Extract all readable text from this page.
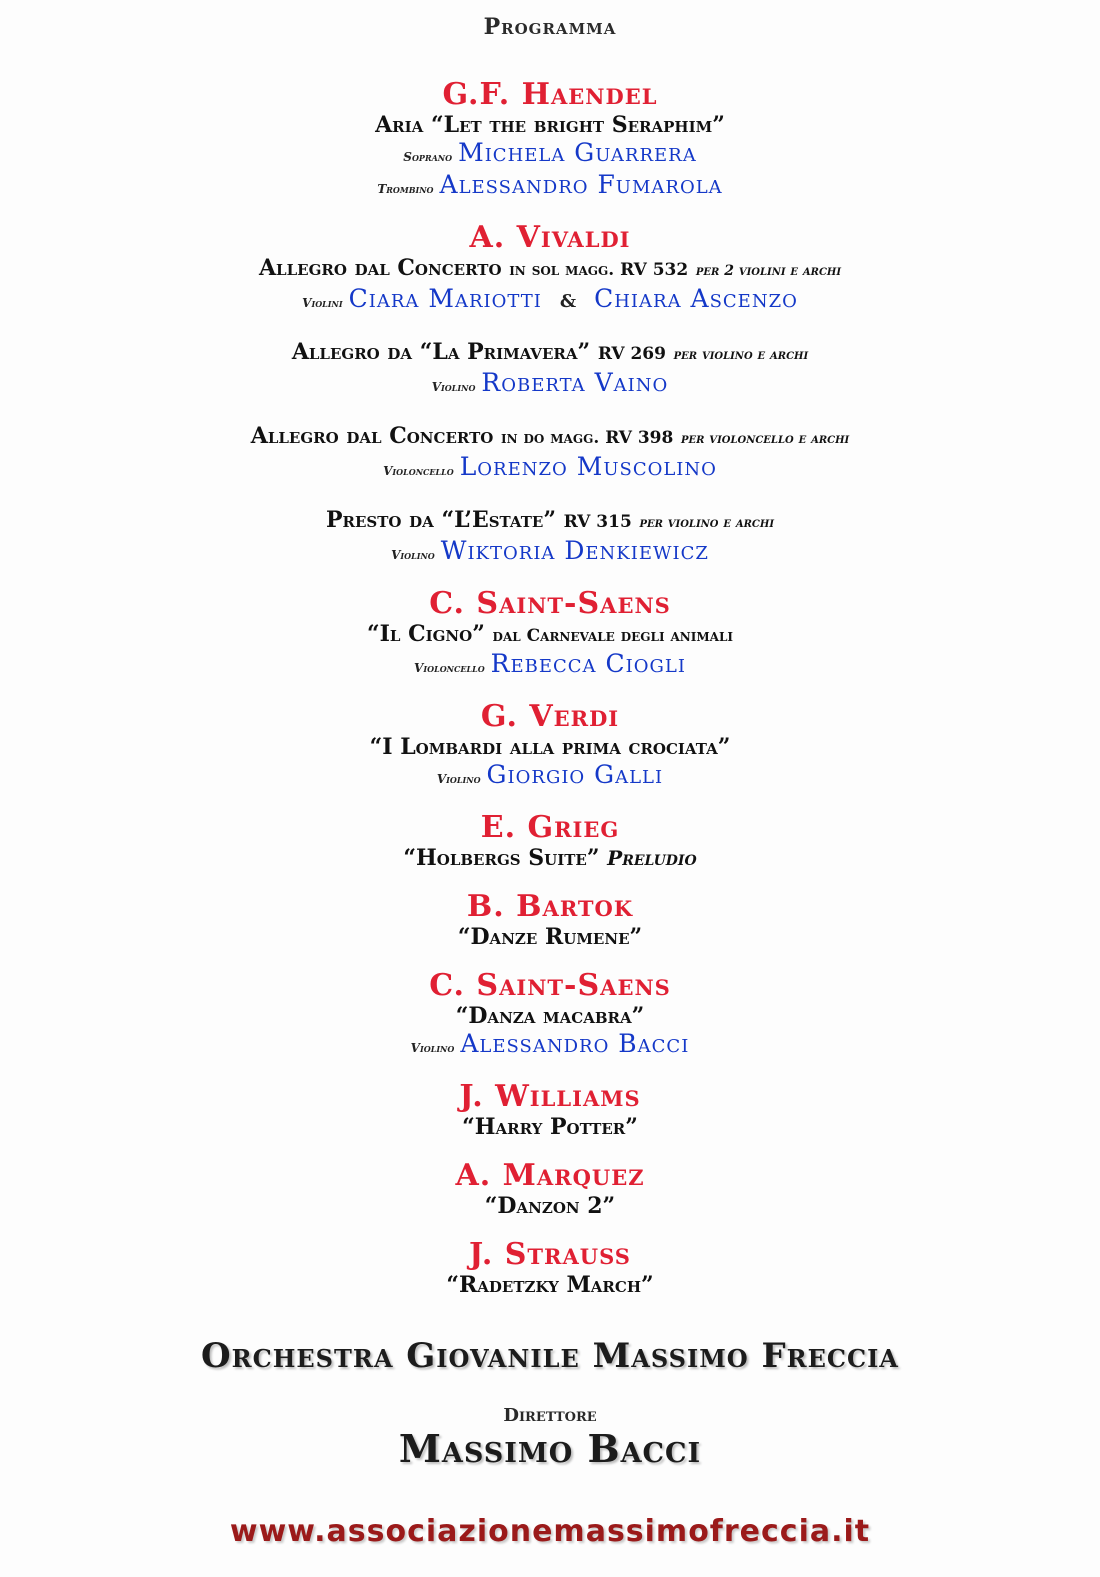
Programma
G.F. Haendel
Aria “Let the bright Seraphim”
Soprano Michela Guarrera
Trombino Alessandro Fumarola
A. Vivaldi
Allegro dal Concerto in sol magg. RV 532 per 2 violini e archi
Violini Ciara Mariotti & Chiara Ascenzo
Allegro da “La Primavera” RV 269 per violino e archi
Violino Roberta Vaino
Allegro dal Concerto in do magg. RV 398 per violoncello e archi
Violoncello Lorenzo Muscolino
Presto da “L’Estate” RV 315 per violino e archi
Violino Wiktoria Denkiewicz
C. Saint-Saens
“Il Cigno” dal Carnevale degli animali
Violoncello Rebecca Ciogli
G. Verdi
“I Lombardi alla prima crociata”
Violino Giorgio Galli
E. Grieg
“Holbergs Suite” Preludio
B. Bartok
“Danze Rumene”
C. Saint-Saens
“Danza macabra”
Violino Alessandro Bacci
J. Williams
“Harry Potter”
A. Marquez
“Danzon 2”
J. Strauss
“Radetzky March”
Orchestra Giovanile Massimo Freccia
Direttore
Massimo Bacci
www.associazionemassimofreccia.it
